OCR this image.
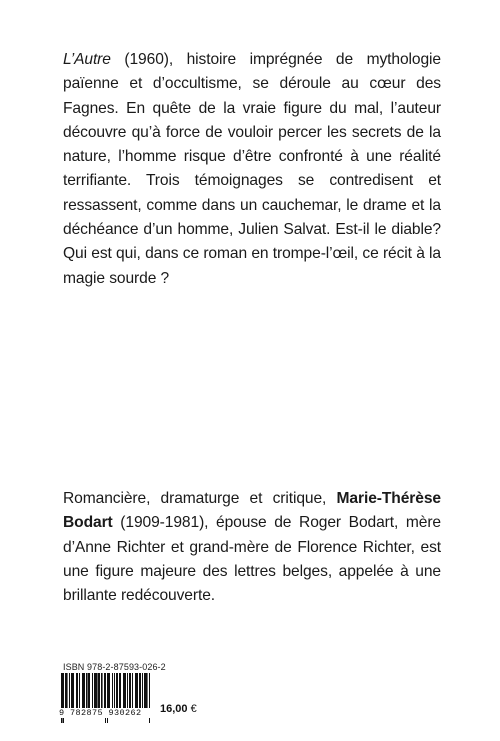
L’Autre (1960), histoire imprégnée de mythologie païenne et d’occultisme, se déroule au cœur des Fagnes. En quête de la vraie figure du mal, l’auteur découvre qu’à force de vouloir percer les secrets de la nature, l’homme risque d’être confronté à une réalité terrifiante. Trois témoignages se contredisent et ressassent, comme dans un cauchemar, le drame et la déchéance d’un homme, Julien Salvat. Est-il le diable? Qui est qui, dans ce roman en trompe-l’œil, ce récit à la magie sourde ?

Romancière, dramaturge et critique, Marie-Thérèse Bodart (1909-1981), épouse de Roger Bodart, mère d’Anne Richter et grand-mère de Florence Richter, est une figure majeure des lettres belges, appelée à une brillante redécouverte.

ISBN 978-2-87593-026-2
9 782875 930262	16,00 €
